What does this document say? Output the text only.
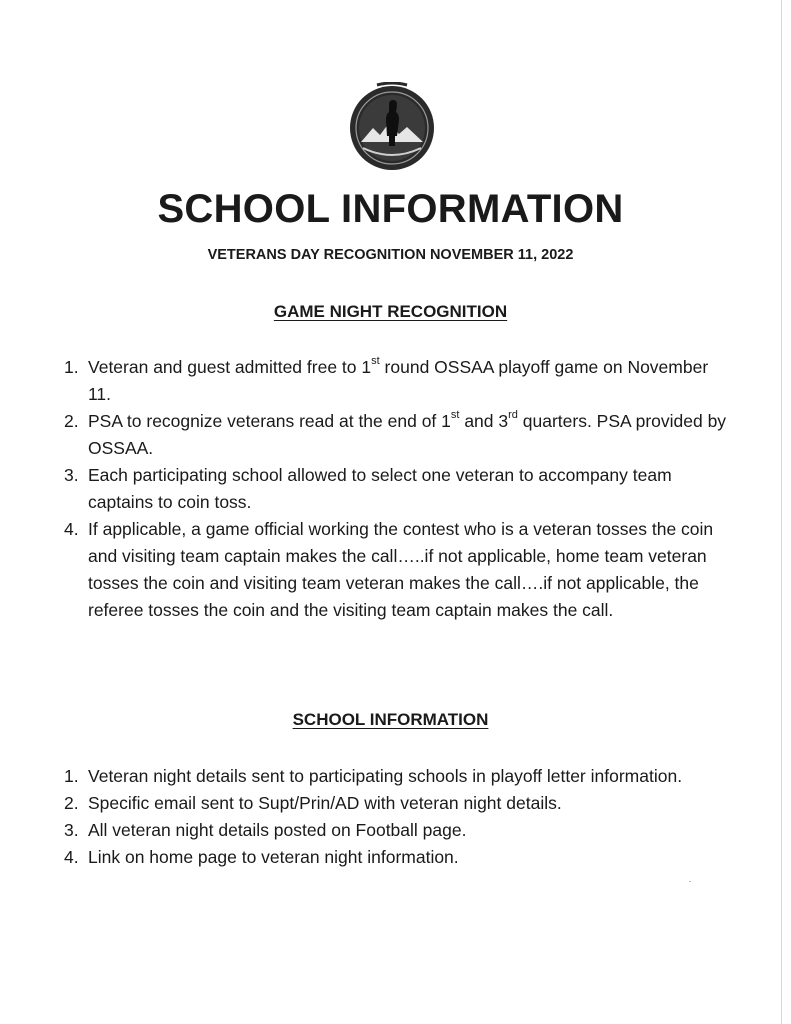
SCHOOL INFORMATION
VETERANS DAY RECOGNITION NOVEMBER 11, 2022
GAME NIGHT RECOGNITION
1. Veteran and guest admitted free to 1st round OSSAA playoff game on November 11.
2. PSA to recognize veterans read at the end of 1st and 3rd quarters. PSA provided by OSSAA.
3. Each participating school allowed to select one veteran to accompany team captains to coin toss.
4. If applicable, a game official working the contest who is a veteran tosses the coin and visiting team captain makes the call…..if not applicable, home team veteran tosses the coin and visiting team veteran makes the call….if not applicable, the referee tosses the coin and the visiting team captain makes the call.
SCHOOL INFORMATION
1. Veteran night details sent to participating schools in playoff letter information.
2. Specific email sent to Supt/Prin/AD with veteran night details.
3. All veteran night details posted on Football page.
4. Link on home page to veteran night information.
